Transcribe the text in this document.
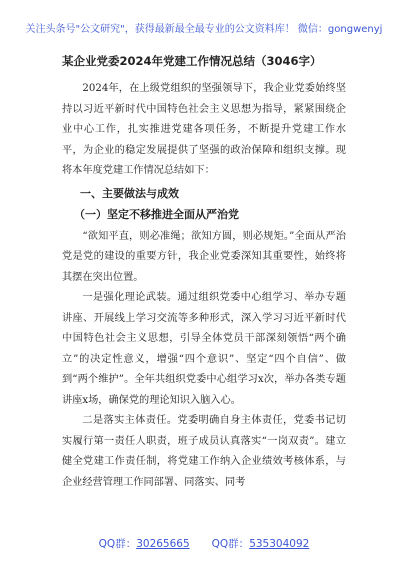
关注头条号"公文研究"，获得最新最全最专业的公文资料库！ 微信：gongwenyj
某企业党委2024年党建工作情况总结（3046字）

2024年，在上级党组织的坚强领导下，我企业党委始终坚持以习近平新时代中国特色社会主义思想为指导，紧紧围绕企业中心工作，扎实推进党建各项任务，不断提升党建工作水平，为企业的稳定发展提供了坚强的政治保障和组织支撑。现将本年度党建工作情况总结如下：

一、主要做法与成效
（一）坚定不移推进全面从严治党

“欲知平直，则必准绳；欲知方圆，则必规矩。”全面从严治党是党的建设的重要方针，我企业党委深知其重要性，始终将其摆在突出位置。

一是强化理论武装。通过组织党委中心组学习、举办专题讲座、开展线上学习交流等多种形式，深入学习习近平新时代中国特色社会主义思想，引导全体党员干部深刻领悟“两个确立”的决定性意义，增强“四个意识”、坚定“四个自信”、做到“两个维护”。全年共组织党委中心组学习x次，举办各类专题讲座x场，确保党的理论知识入脑入心。

二是落实主体责任。党委明确自身主体责任，党委书记切实履行第一责任人职责，班子成员认真落实“一岗双责”。建立健全党建工作责任制，将党建工作纳入企业绩效考核体系，与企业经营管理工作同部署、同落实、同考

QQ群：30265665 QQ群：535304092
